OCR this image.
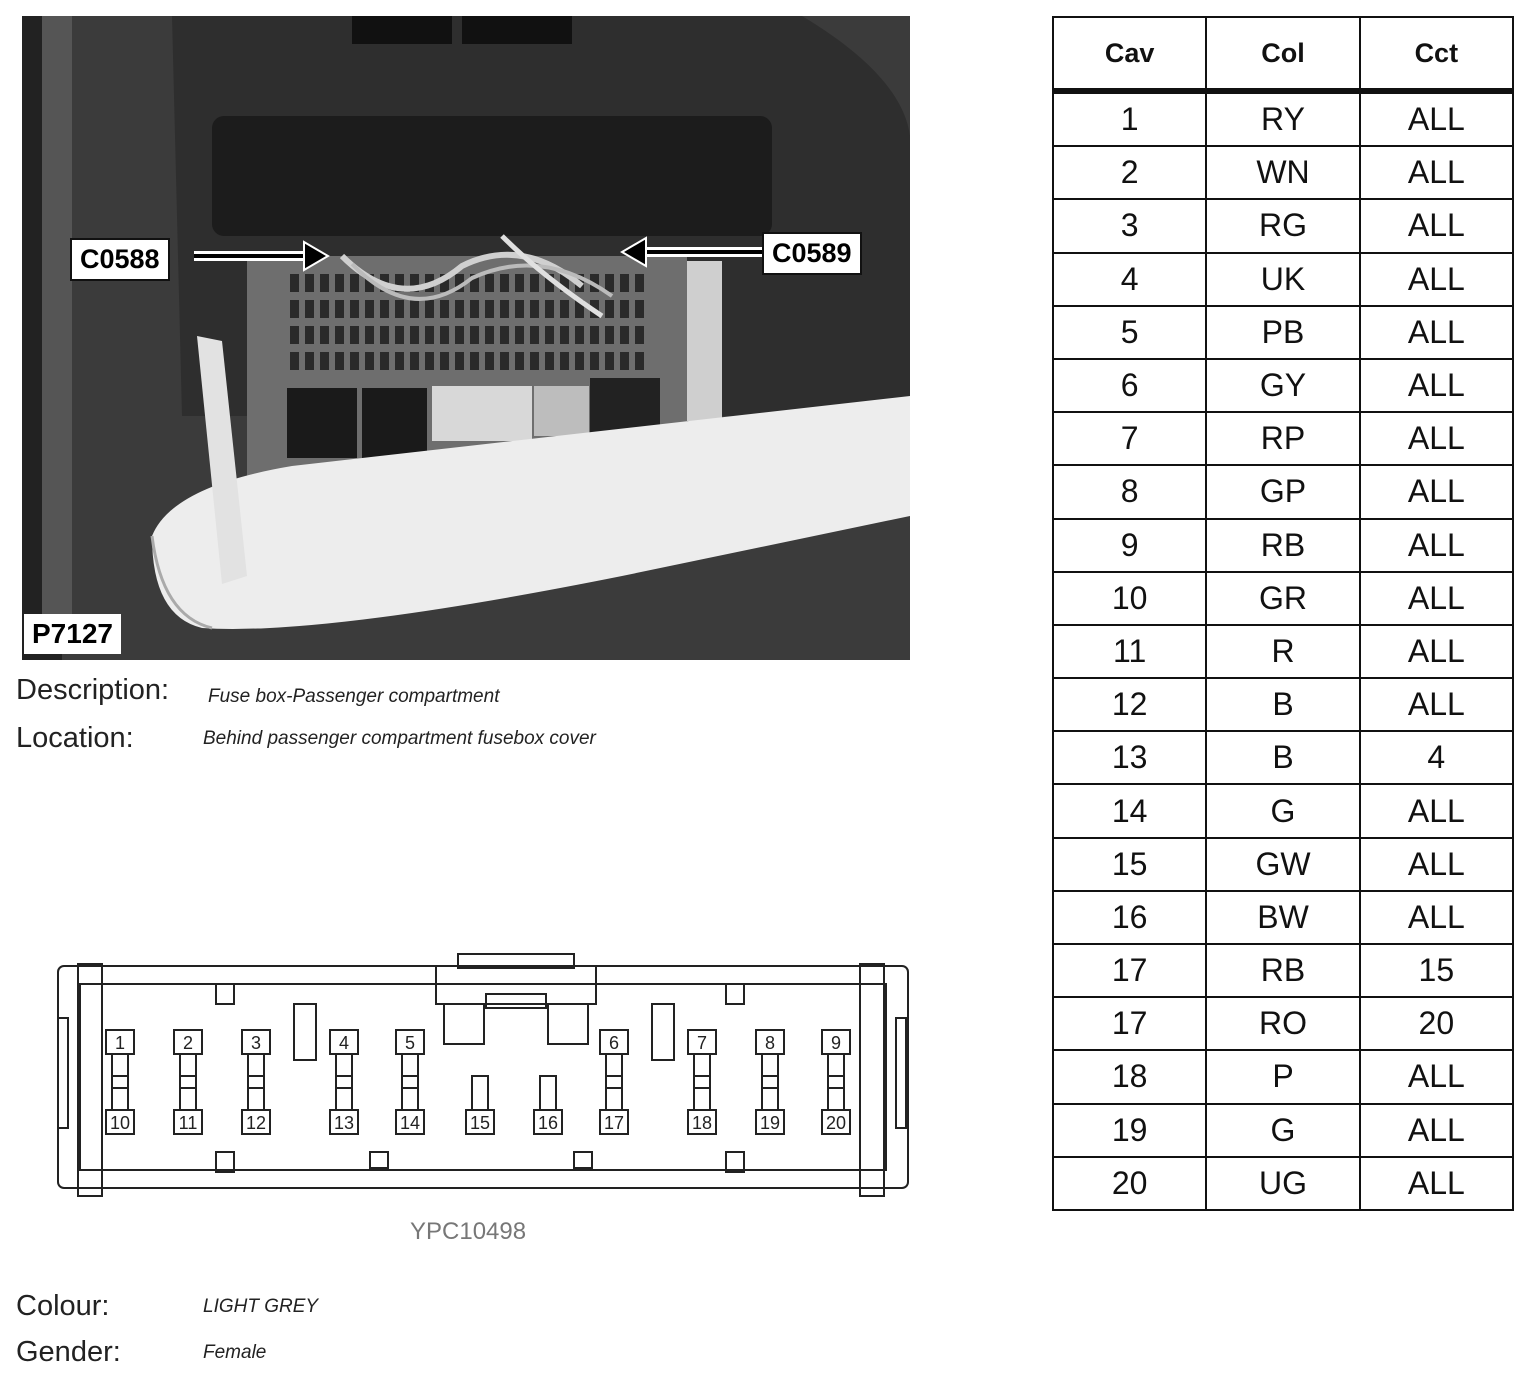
C0588	C0589
P7127
Description: Fuse box-Passenger compartment
Location:	Behind passenger compartment fusebox cover
1	2	3	4	5	6	7	8	9
10	11	12	13	14	15	16	17	18	19	20
YPC10498
Colour:	LIGHT GREY
Gender:	Female
Cav	Col	Cct
1	RY	ALL
2	WN	ALL
3	RG	ALL
4	UK	ALL
5	PB	ALL
6	GY	ALL
7	RP	ALL
8	GP	ALL
9	RB	ALL
10	GR	ALL
11	R	ALL
12	B	ALL
13	B	4
14	G	ALL
15	GW	ALL
16	BW	ALL
17	RB	15
17	RO	20
18	P	ALL
19	G	ALL
20	UG	ALL
